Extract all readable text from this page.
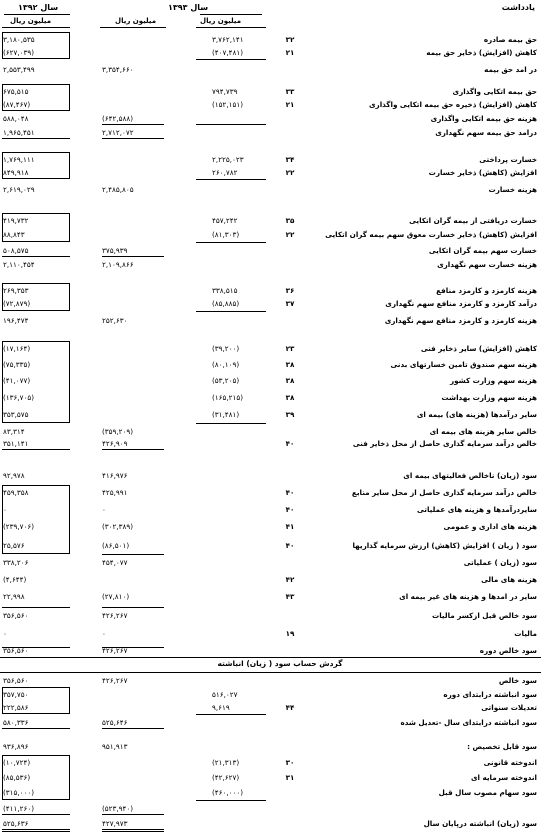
یادداشت
سال ۱۳۹۳
سال ۱۳۹۲
میلیون ریال
میلیون ریال
میلیون ریال
گردش حساب سود ( زیان) انباشته
حق بیمه صادره
۳۲
۳,۷۶۲,۱۴۱
۳,۱۸۰,۵۳۵
کاهش (افزایش) ذخایر حق بیمه
۲۱
(۴۰۷,۴۸۱)
(۶۲۷,۰۳۹)
در امد حق بیمه
۳,۳۵۴,۶۶۰
۲,۵۵۳,۴۹۹
حق بیمه اتکایی واگذاری
۳۳
۷۹۴,۷۳۹
۶۷۵,۵۱۵
کاهش (افزایش) ذخیره حق بیمه اتکایی واگذاری
۲۱
(۱۵۲,۱۵۱)
(۸۷,۴۶۷)
هزینه حق بیمه اتکایی واگذاری
(۶۴۲,۵۸۸)
۵۸۸,۰۴۸
درامد حق بیمه سهم نگهداری
۲,۷۱۲,۰۷۲
۱,۹۶۵,۴۵۱
خسارت پرداختی
۳۴
۲,۲۲۵,۰۲۳
۱,۷۶۹,۱۱۱
افزایش (کاهش) ذخایر خسارت
۲۲
۲۶۰,۷۸۲
۸۴۹,۹۱۸
هزینه خسارت
۲,۴۸۵,۸۰۵
۲,۶۱۹,۰۲۹
خسارت دریافتی از بیمه گران اتکایی
۳۵
۴۵۷,۲۴۲
۴۱۹,۷۳۲
افزایش (کاهش) ذخایر خسارت معوق سهم بیمه گران اتکایی
۲۲
(۸۱,۳۰۳)
۸۸,۸۴۳
خسارت سهم بیمه گران اتکایی
۳۷۵,۹۳۹
۵۰۸,۵۷۵
هزینه خسارت سهم نگهداری
۲,۱۰۹,۸۶۶
۲,۱۱۰,۴۵۴
هزینه کارمزد و کارمزد منافع
۳۶
۳۳۸,۵۱۵
۲۶۹,۳۵۳
درآمد کارمزد و کارمزد منافع سهم نگهداری
۳۷
(۸۵,۸۸۵)
(۷۲,۸۷۹)
هزینه کارمزد و کارمزد منافع سهم نگهداری
۲۵۲,۶۳۰
۱۹۶,۴۷۴
کاهش (افزایش) سایر ذخایر فنی
۲۳
(۳۹,۲۰۰)
(۱۷,۱۶۴)
هزینه سهم صندوق تامین خسارتهای بدنی
۳۸
(۸۰,۱۰۹)
(۷۵,۳۳۵)
هزینه سهم وزارت کشور
۳۸
(۵۳,۲۰۵)
(۴۱,۰۷۷)
هزینه سهم وزارت بهداشت
۳۸
(۱۶۵,۲۱۵)
(۱۳۶,۷۰۵)
سایر درآمدها (هزینه های) بیمه ای
۳۹
(۳۱,۴۸۱)
۳۵۳,۵۷۵
خالص سایر هزینه های بیمه ای
(۳۵۹,۲۰۹)
۸۳,۳۱۴
خالص درآمد سرمایه گذاری حاصل از محل ذخایر فنی
۴۰
۴۲۶,۹۰۹
۳۵۱,۱۴۱
سود (زیان) ناخالص فعالیتهای بیمه ای
۴۱۶,۹۷۶
۹۲,۹۷۸
خالص درآمد سرمایه گذاری حاصل از محل سایر منابع
۴۰
۴۲۵,۹۹۱
۴۵۹,۳۵۸
سایردرآمدها و هزینه های عملیاتی
۴۰
۰
۰
هزینه های اداری و عمومی
۴۱
(۳۰۲,۳۸۹)
(۲۳۹,۷۰۶)
سود ( زیان ) افزایش (کاهش) ارزش سرمایه گذاریها
۴۰
(۸۶,۵۰۱)
۲۵,۵۷۶
سود (زیان ) عملیاتی
۴۵۴,۰۷۷
۳۳۸,۲۰۶
هزینه های مالی
۴۲
(۴,۶۴۴)
سایر در امدها و هزینه های غیر بیمه ای
۴۳
(۲۷,۸۱۰)
۲۲,۹۹۸
سود خالص قبل ازکسر مالیات
۴۲۶,۲۶۷
۳۵۶,۵۶۰
مالیات
۱۹
۰
۰
سود خالص دوره
۴۲۶,۲۶۷
۳۵۶,۵۶۰
سود خالص
۴۲۶,۲۶۷
۳۵۶,۵۶۰
سود انباشته درابتدای دوره
۵۱۶,۰۲۷
۳۵۷,۷۵۰
تعدیلات سنواتی
۴۴
۹,۶۱۹
۲۲۲,۵۸۶
سود انباشته درابتدای سال -تعدیل شده
۵۲۵,۶۴۶
۵۸۰,۳۳۶
سود قابل تخصیص :
۹۵۱,۹۱۳
۹۳۶,۸۹۶
اندوخته قانونی
۳۰
(۲۱,۳۱۳)
(۱۰,۷۲۴)
اندوخته سرمایه ای
۳۱
(۴۲,۶۲۷)
(۸۵,۵۳۶)
سود سهام مصوب سال قبل
(۴۶۰,۰۰۰)
(۳۱۵,۰۰۰)
(۵۲۳,۹۴۰)
(۴۱۱,۲۶۰)
سود (زیان) انباشته درپایان سال
۴۲۷,۹۷۳
۵۲۵,۶۳۶
